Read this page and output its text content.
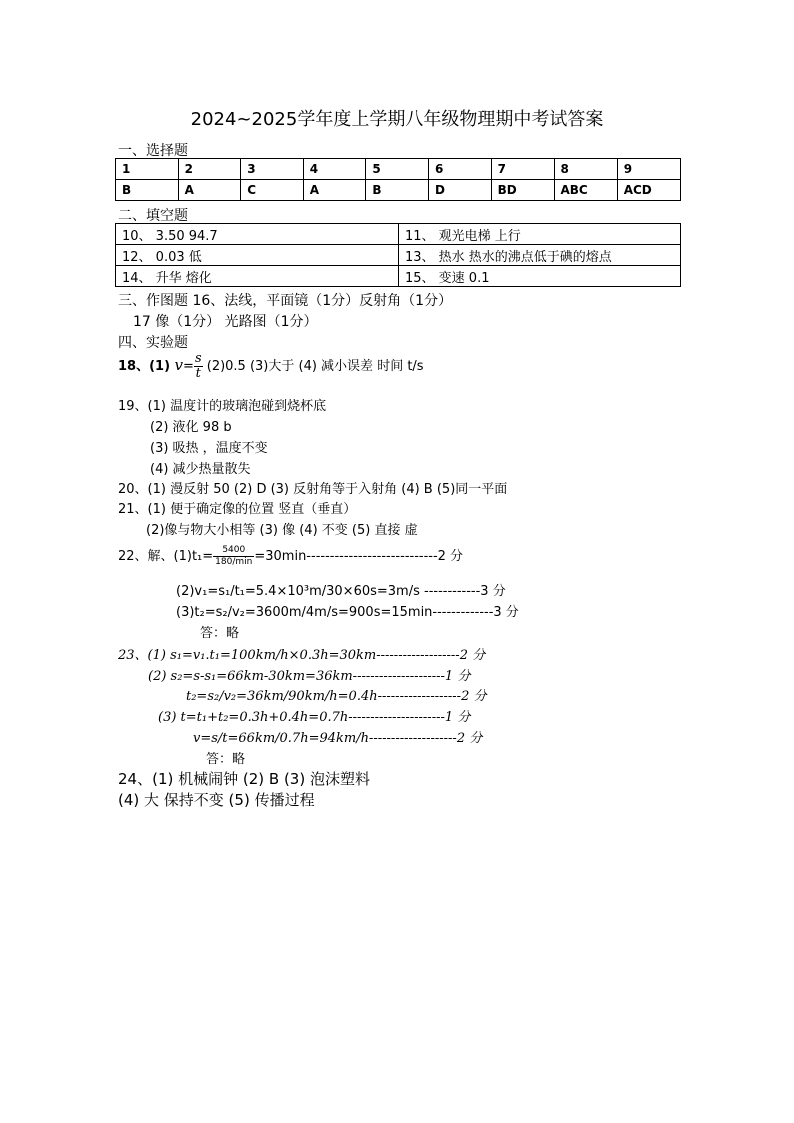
2024~2025学年度上学期八年级物理期中考试答案
一、选择题
1	2	3	4	5	6	7	8	9
B	A	C	A	B	D	BD	ABC	ACD
二、填空题
10、 3.50 94.7	11、 观光电梯 上行
12、 0.03 低	13、 热水 热水的沸点低于碘的熔点
14、 升华 熔化	15、 变速 0.1
三、作图题 16、法线，平面镜（1分）反射角（1分）
17 像（1分） 光路图（1分）
四、实验题
18、(1) $v= \frac{s}{t} (2)0.5$ (3)大于 (4) 减小误差 时间 t/s
19、(1) 温度计的玻璃泡碰到烧杯底
(2) 液化 98 b
(3) 吸热 ，温度不变
(4) 减少热量散失
20、(1) 漫反射 50 (2) D (3) 反射角等于入射角 (4) B (5)同一平面
21、(1) 便于确定像的位置 竖直（垂直）
(2)像与物大小相等 (3) 像 (4) 不变 (5) 直接 虚
22、解、$(1)t_1= \frac{5400}{180/\min} =30\min----------------------------2$ 分
(2)v₁=s₁/t₁=5.4×10³m/30×60s=3m/s ------------3 分
(3)t₂=s₂/v₂=3600m/4m/s=900s=15min-------------3 分
答：略
23、(1) s₁=v₁.t₁=100km/h×0.3h=30km-------------------2 分
(2) s₂=s-s₁=66km-30km=36km---------------------1 分
t₂=s₂/v₂=36km/90km/h=0.4h-------------------2 分
(3) t=t₁+t₂=0.3h+0.4h=0.7h----------------------1 分
v=s/t=66km/0.7h=94km/h--------------------2 分
答：略
24、(1) 机械闹钟 (2) B (3) 泡沫塑料
(4) 大 保持不变 (5) 传播过程
